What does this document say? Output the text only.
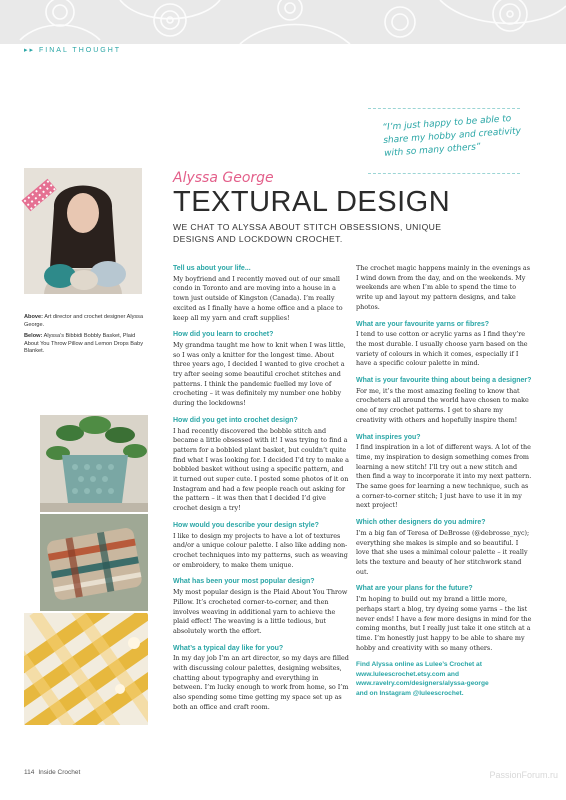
▸▸ FINAL THOUGHT
“I’m just happy to be able to share my hobby and creativity with so many others”
Alyssa George
TEXTURAL DESIGN
WE CHAT TO ALYSSA ABOUT STITCH OBSESSIONS, UNIQUE DESIGNS AND LOCKDOWN CROCHET.
Above: Art director and crochet designer Alyssa George.
Below: Alyssa’s Bibbidi Bobbly Basket, Plaid About You Throw Pillow and Lemon Drops Baby Blanket.
Tell us about your life...
My boyfriend and I recently moved out of our small condo in Toronto and are moving into a house in a town just outside of Kingston (Canada). I’m really excited as I finally have a home office and a place to keep all my yarn and craft supplies!
How did you learn to crochet?
My grandma taught me how to knit when I was little, so I was only a knitter for the longest time. About three years ago, I decided I wanted to give crochet a try after seeing some beautiful crochet stitches and patterns. I think the pandemic fuelled my love of crocheting – it was definitely my number one hobby during the lockdowns!
How did you get into crochet design?
I had recently discovered the bobble stitch and became a little obsessed with it! I was trying to find a pattern for a bobbled plant basket, but couldn’t quite find what I was looking for. I decided I’d try to make a bobbled basket without using a specific pattern, and it turned out super cute. I posted some photos of it on Instagram and had a few people reach out asking for the pattern – it was then that I decided I’d give crochet design a try!
How would you describe your design style?
I like to design my projects to have a lot of textures and/or a unique colour palette. I also like adding non-crochet techniques into my patterns, such as weaving or embroidery, to make them unique.
What has been your most popular design?
My most popular design is the Plaid About You Throw Pillow. It’s crocheted corner-to-corner, and then involves weaving in additional yarn to achieve the plaid effect! The weaving is a little tedious, but absolutely worth the effort.
What’s a typical day like for you?
In my day job I’m an art director, so my days are filled with discussing colour palettes, designing websites, chatting about typography and everything in between. I’m lucky enough to work from home, so I’m also spending some time getting my space set up as both an office and craft room.
The crochet magic happens mainly in the evenings as I wind down from the day, and on the weekends. My weekends are when I’m able to spend the time to write up and layout my pattern designs, and take photos.
What are your favourite yarns or fibres?
I tend to use cotton or acrylic yarns as I find they’re the most durable. I usually choose yarn based on the variety of colours in which it comes, especially if I have a specific colour palette in mind.
What is your favourite thing about being a designer?
For me, it’s the most amazing feeling to know that crocheters all around the world have chosen to make one of my crochet patterns. I get to share my creativity with others and hopefully inspire them!
What inspires you?
I find inspiration in a lot of different ways. A lot of the time, my inspiration to design something comes from learning a new stitch! I’ll try out a new stitch and then find a way to incorporate it into my next pattern. The same goes for learning a new technique, such as a corner-to-corner stitch; I just have to use it in my next project!
Which other designers do you admire?
I’m a big fan of Teresa of DeBrosse (@debrosse_nyc); everything she makes is simple and so beautiful. I love that she uses a minimal colour palette – it really lets the texture and beauty of her stitchwork stand out.
What are your plans for the future?
I’m hoping to build out my brand a little more, perhaps start a blog, try dyeing some yarns – the list never ends! I have a few more designs in mind for the coming months, but I really just take it one stitch at a time. I’m honestly just happy to be able to share my hobby and creativity with so many others.
Find Alyssa online as Lulee’s Crochet at
www.luleescrochet.etsy.com and
www.ravelry.com/designers/alyssa-george
and on Instagram @luleescrochet.
114 Inside Crochet	PassionForum.ru
